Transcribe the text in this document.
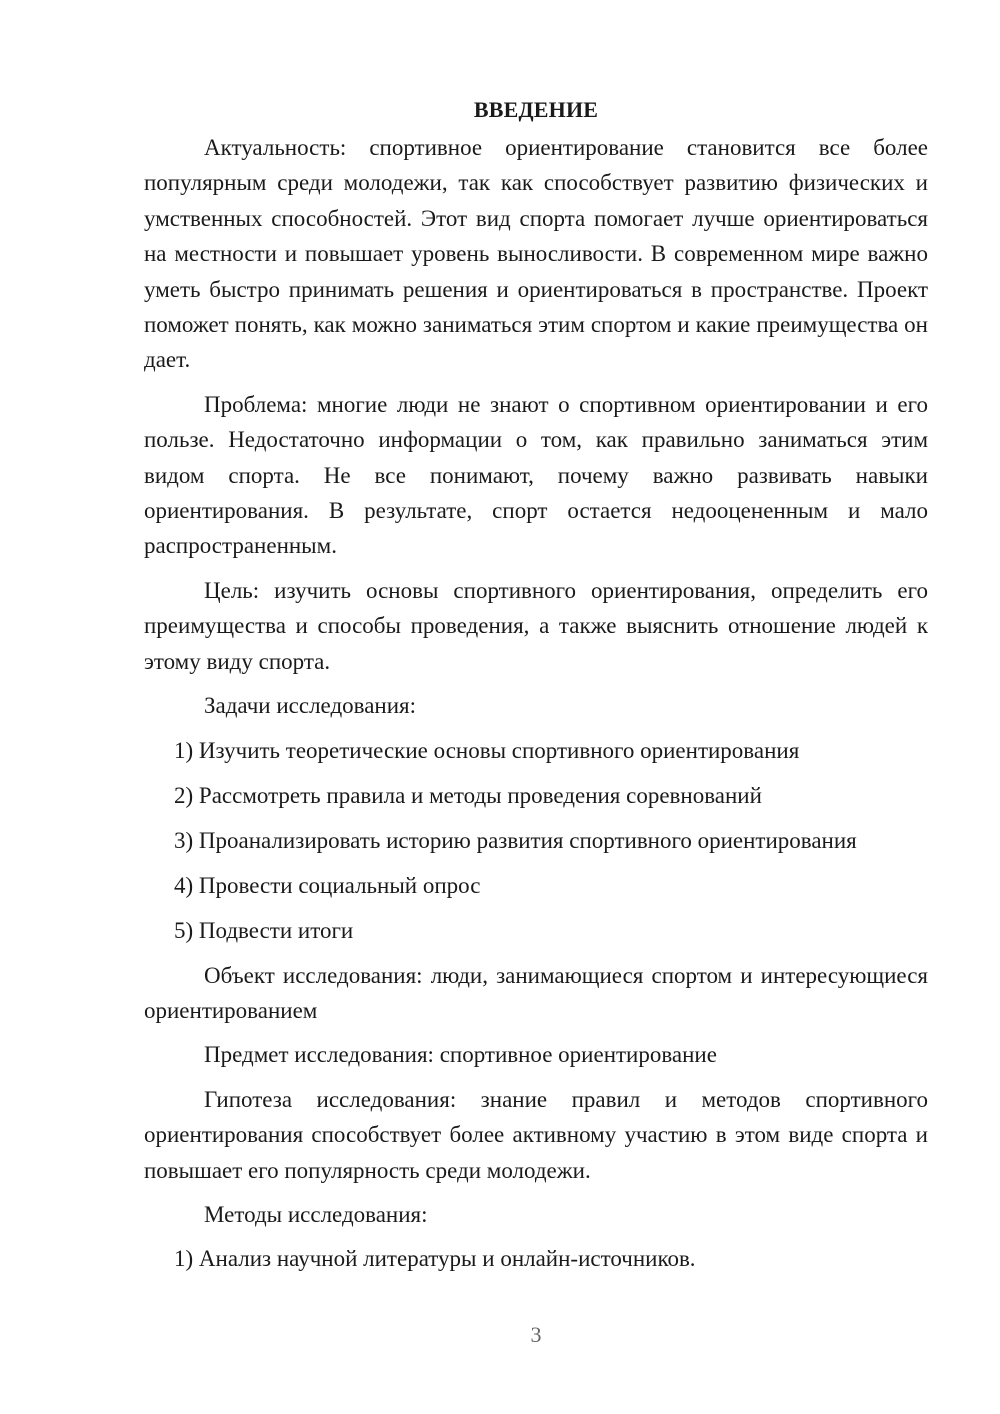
ВВЕДЕНИЕ

Актуальность: спортивное ориентирование становится все более популярным среди молодежи, так как способствует развитию физических и умственных способностей. Этот вид спорта помогает лучше ориентироваться на местности и повышает уровень выносливости. В современном мире важно уметь быстро принимать решения и ориентироваться в пространстве. Проект поможет понять, как можно заниматься этим спортом и какие преимущества он дает.

Проблема: многие люди не знают о спортивном ориентировании и его пользе. Недостаточно информации о том, как правильно заниматься этим видом спорта. Не все понимают, почему важно развивать навыки ориентирования. В результате, спорт остается недооцененным и мало распространенным.

Цель: изучить основы спортивного ориентирования, определить его преимущества и способы проведения, а также выяснить отношение людей к этому виду спорта.

Задачи исследования:

1) Изучить теоретические основы спортивного ориентирования
2) Рассмотреть правила и методы проведения соревнований
3) Проанализировать историю развития спортивного ориентирования
4) Провести социальный опрос
5) Подвести итоги

Объект исследования: люди, занимающиеся спортом и интересующиеся ориентированием

Предмет исследования: спортивное ориентирование

Гипотеза исследования: знание правил и методов спортивного ориентирования способствует более активному участию в этом виде спорта и повышает его популярность среди молодежи.

Методы исследования:

1) Анализ научной литературы и онлайн-источников.
3
